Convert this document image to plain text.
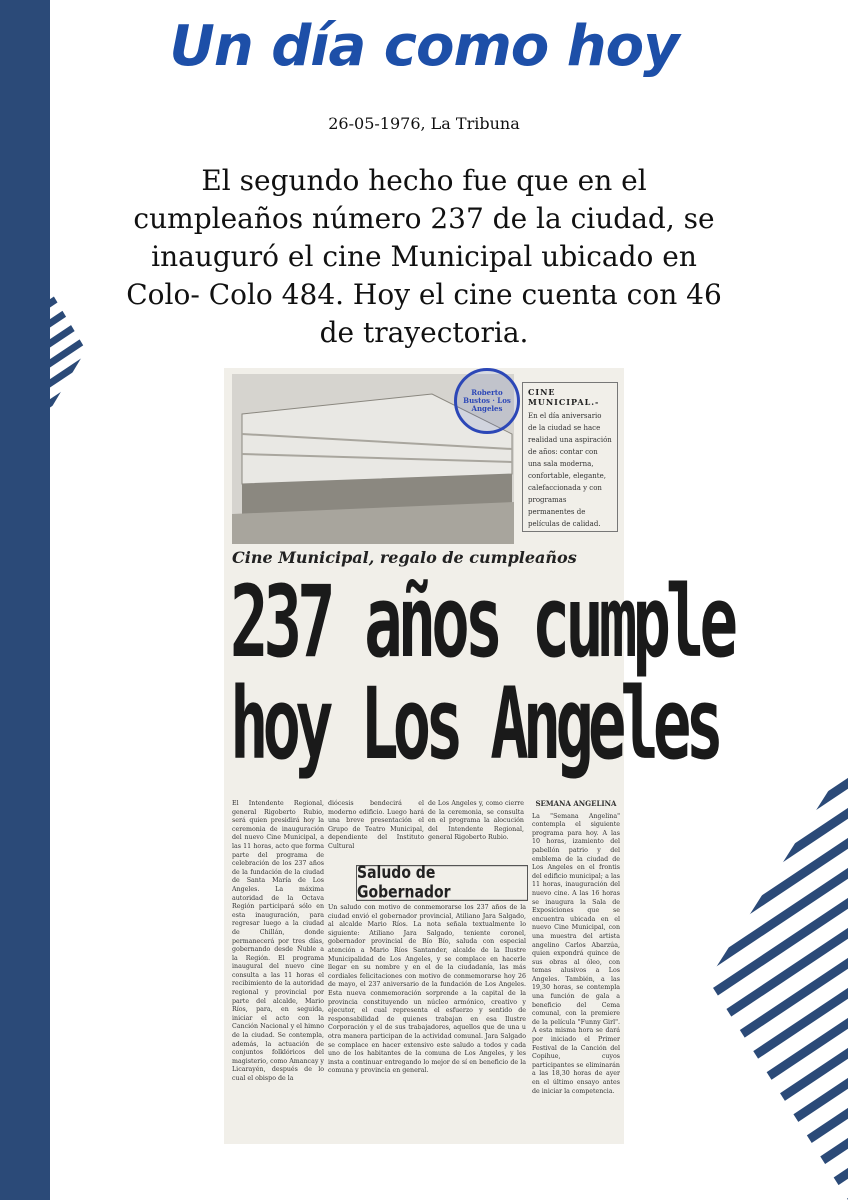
Un día como hoy
26-05-1976, La Tribuna
El segundo hecho fue que en el cumpleaños número 237 de la ciudad, se inauguró el cine Municipal ubicado en Colo- Colo 484. Hoy el cine cuenta con 46 de trayectoria.
Roberto Bustos · Los Angeles
CINE MUNICIPAL.-

En el día aniversario de la ciudad se hace realidad una aspiración de años: contar con una sala moderna, confortable, elegante, calefaccionada y con programas permanentes de películas de calidad.

Cine Municipal, regalo de cumpleaños
237 años cumple
hoy Los Angeles
El Intendente Regional, general Rigoberto Rubio, será quien presidirá hoy la ceremonia de inauguración del nuevo Cine Municipal, a las 11 horas, acto que forma parte del programa de celebración de los 237 años de la fundación de la ciudad de Santa María de Los Angeles. La máxima autoridad de la Octava Región participará sólo en esta inauguración, para regresar luego a la ciudad de Chillán, donde permanecerá por tres días, gobernando desde Ñuble a la Región. El programa inaugural del nuevo cine consulta a las 11 horas el recibimiento de la autoridad regional y provincial por parte del alcalde, Mario Ríos, para, en seguida, iniciar el acto con la Canción Nacional y el himno de la ciudad. Se contempla, además, la actuación de conjuntos folklóricos del magisterio, como Amancay y Licarayén, después de lo cual el obispo de la
diócesis bendecirá el moderno edificio. Luego hará una breve presentación el Grupo de Teatro Municipal, dependiente del Instituto Cultural
de Los Angeles y, como cierre de la ceremonia, se consulta en el programa la alocución del Intendente Regional, general Rigoberto Rubio.
Saludo de Gobernador
Un saludo con motivo de conmemorarse los 237 años de la ciudad envió el gobernador provincial, Atiliano Jara Salgado, al alcalde Mario Ríos. La nota señala textualmente lo siguiente: Atiliano Jara Salgado, teniente coronel, gobernador provincial de Bío Bío, saluda con especial atención a Mario Ríos Santander, alcalde de la Ilustre Municipalidad de Los Angeles, y se complace en hacerle llegar en su nombre y en el de la ciudadanía, las más cordiales felicitaciones con motivo de conmemorarse hoy 26 de mayo, el 237 aniversario de la fundación de Los Angeles. Esta nueva conmemoración sorprende a la capital de la provincia constituyendo un núcleo armónico, creativo y ejecutor, el cual representa el esfuerzo y sentido de responsabilidad de quienes trabajan en esa Ilustre Corporación y el de sus trabajadores, aquellos que de una u otra manera participan de la actividad comunal. Jara Salgado se complace en hacer extensivo este saludo a todos y cada uno de los habitantes de la comuna de Los Angeles, y les insta a continuar entregando lo mejor de sí en beneficio de la comuna y provincia en general.
SEMANA ANGELINA
La "Semana Angelina" contempla el siguiente programa para hoy. A las 10 horas, izamiento del pabellón patrio y del emblema de la ciudad de Los Angeles en el frontis del edificio municipal; a las 11 horas, inauguración del nuevo cine. A las 16 horas se inaugura la Sala de Exposiciones que se encuentra ubicada en el nuevo Cine Municipal, con una muestra del artista angelino Carlos Abarzúa, quien expondrá quince de sus obras al óleo, con temas alusivos a Los Angeles. También, a las 19,30 horas, se contempla una función de gala a beneficio del Cema comunal, con la premiere de la película "Funny Girl". A esta misma hora se dará por iniciado el Primer Festival de la Canción del Copihue, cuyos participantes se eliminarán a las 18,30 horas de ayer en el último ensayo antes de iniciar la competencia.
